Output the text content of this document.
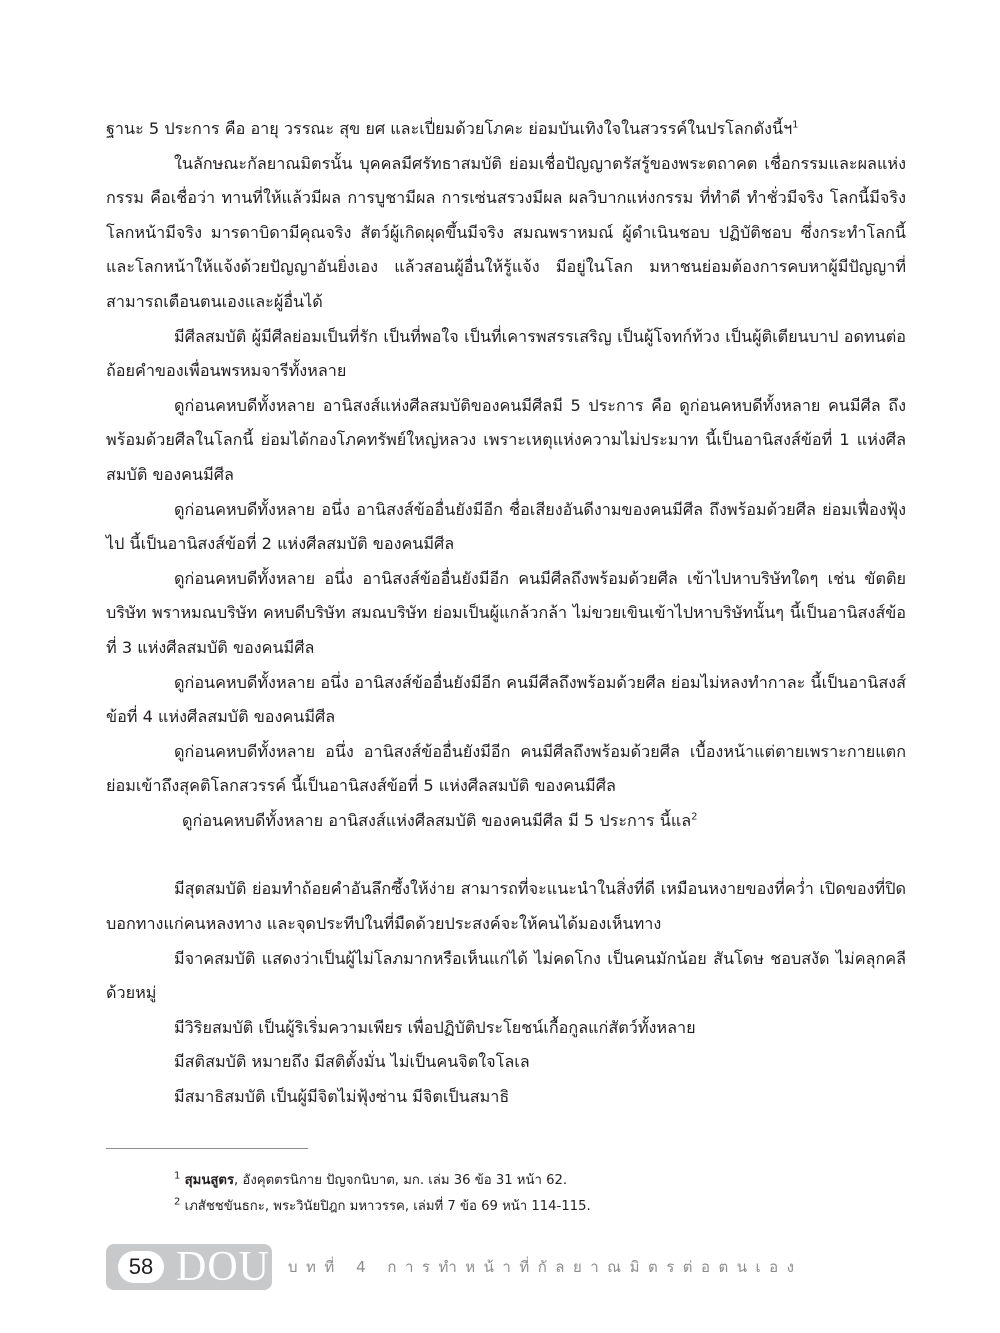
ฐานะ 5 ประการ คือ อายุ วรรณะ สุข ยศ และเปี่ยมด้วยโภคะ ย่อมบันเทิงใจในสวรรค์ในปรโลกดังนี้ฯ$^1$

ในลักษณะกัลยาณมิตรนั้น บุคคลมีศรัทธาสมบัติ ย่อมเชื่อปัญญาตรัสรู้ของพระตถาคต เชื่อกรรมและผลแห่งกรรม คือเชื่อว่า ทานที่ให้แล้วมีผล การบูชามีผล การเซ่นสรวงมีผล ผลวิบากแห่งกรรม ที่ทำดี ทำชั่วมีจริง โลกนี้มีจริง โลกหน้ามีจริง มารดาบิดามีคุณจริง สัตว์ผู้เกิดผุดขึ้นมีจริง สมณพราหมณ์ ผู้ดำเนินชอบ ปฏิบัติชอบ ซึ่งกระทำโลกนี้และโลกหน้าให้แจ้งด้วยปัญญาอันยิ่งเอง แล้วสอนผู้อื่นให้รู้แจ้ง มีอยู่ในโลก มหาชนย่อมต้องการคบหาผู้มีปัญญาที่สามารถเตือนตนเองและผู้อื่นได้

มีศีลสมบัติ ผู้มีศีลย่อมเป็นที่รัก เป็นที่พอใจ เป็นที่เคารพสรรเสริญ เป็นผู้โจทก์ท้วง เป็นผู้ติเตียนบาป อดทนต่อถ้อยคำของเพื่อนพรหมจารีทั้งหลาย

ดูก่อนคหบดีทั้งหลาย อานิสงส์แห่งศีลสมบัติของคนมีศีลมี 5 ประการ คือ ดูก่อนคหบดีทั้งหลาย คนมีศีล ถึงพร้อมด้วยศีลในโลกนี้ ย่อมได้กองโภคทรัพย์ใหญ่หลวง เพราะเหตุแห่งความไม่ประมาท นี้เป็นอานิสงส์ข้อที่ 1 แห่งศีลสมบัติ ของคนมีศีล

ดูก่อนคหบดีทั้งหลาย อนึ่ง อานิสงส์ข้ออื่นยังมีอีก ชื่อเสียงอันดีงามของคนมีศีล ถึงพร้อมด้วยศีล ย่อมเฟื่องฟุ้งไป นี้เป็นอานิสงส์ข้อที่ 2 แห่งศีลสมบัติ ของคนมีศีล

ดูก่อนคหบดีทั้งหลาย อนึ่ง อานิสงส์ข้ออื่นยังมีอีก คนมีศีลถึงพร้อมด้วยศีล เข้าไปหาบริษัทใดๆ เช่น ขัตติยบริษัท พราหมณบริษัท คหบดีบริษัท สมณบริษัท ย่อมเป็นผู้แกล้วกล้า ไม่ขวยเขินเข้าไปหาบริษัทนั้นๆ นี้เป็นอานิสงส์ข้อที่ 3 แห่งศีลสมบัติ ของคนมีศีล

ดูก่อนคหบดีทั้งหลาย อนึ่ง อานิสงส์ข้ออื่นยังมีอีก คนมีศีลถึงพร้อมด้วยศีล ย่อมไม่หลงทำกาละ นี้เป็นอานิสงส์ข้อที่ 4 แห่งศีลสมบัติ ของคนมีศีล

ดูก่อนคหบดีทั้งหลาย อนึ่ง อานิสงส์ข้ออื่นยังมีอีก คนมีศีลถึงพร้อมด้วยศีล เบื้องหน้าแต่ตายเพราะกายแตก ย่อมเข้าถึงสุคติโลกสวรรค์ นี้เป็นอานิสงส์ข้อที่ 5 แห่งศีลสมบัติ ของคนมีศีล

ดูก่อนคหบดีทั้งหลาย อานิสงส์แห่งศีลสมบัติ ของคนมีศีล มี 5 ประการ นี้แล$^2$

มีสุตสมบัติ ย่อมทำถ้อยคำอันลึกซึ้งให้ง่าย สามารถที่จะแนะนำในสิ่งที่ดี เหมือนหงายของที่คว่ำ เปิดของที่ปิด บอกทางแก่คนหลงทาง และจุดประทีปในที่มืดด้วยประสงค์จะให้คนได้มองเห็นทาง

มีจาคสมบัติ แสดงว่าเป็นผู้ไม่โลภมากหรือเห็นแก่ได้ ไม่คดโกง เป็นคนมักน้อย สันโดษ ชอบสงัด ไม่คลุกคลีด้วยหมู่

มีวิริยสมบัติ เป็นผู้ริเริ่มความเพียร เพื่อปฏิบัติประโยชน์เกื้อกูลแก่สัตว์ทั้งหลาย

มีสติสมบัติ หมายถึง มีสติตั้งมั่น ไม่เป็นคนจิตใจโลเล

มีสมาธิสมบัติ เป็นผู้มีจิตไม่ฟุ้งซ่าน มีจิตเป็นสมาธิ

$^1$ สุมนสูตร, อังคุตตรนิกาย ปัญจกนิบาต, มก. เล่ม 36 ข้อ 31 หน้า 62.
$^2$ เภสัชชขันธกะ, พระวินัยปิฎก มหาวรรค, เล่มที่ 7 ข้อ 69 หน้า 114-115.
58 DOU บทที่ 4 การทำหน้าที่กัลยาณมิตรต่อตนเอง
